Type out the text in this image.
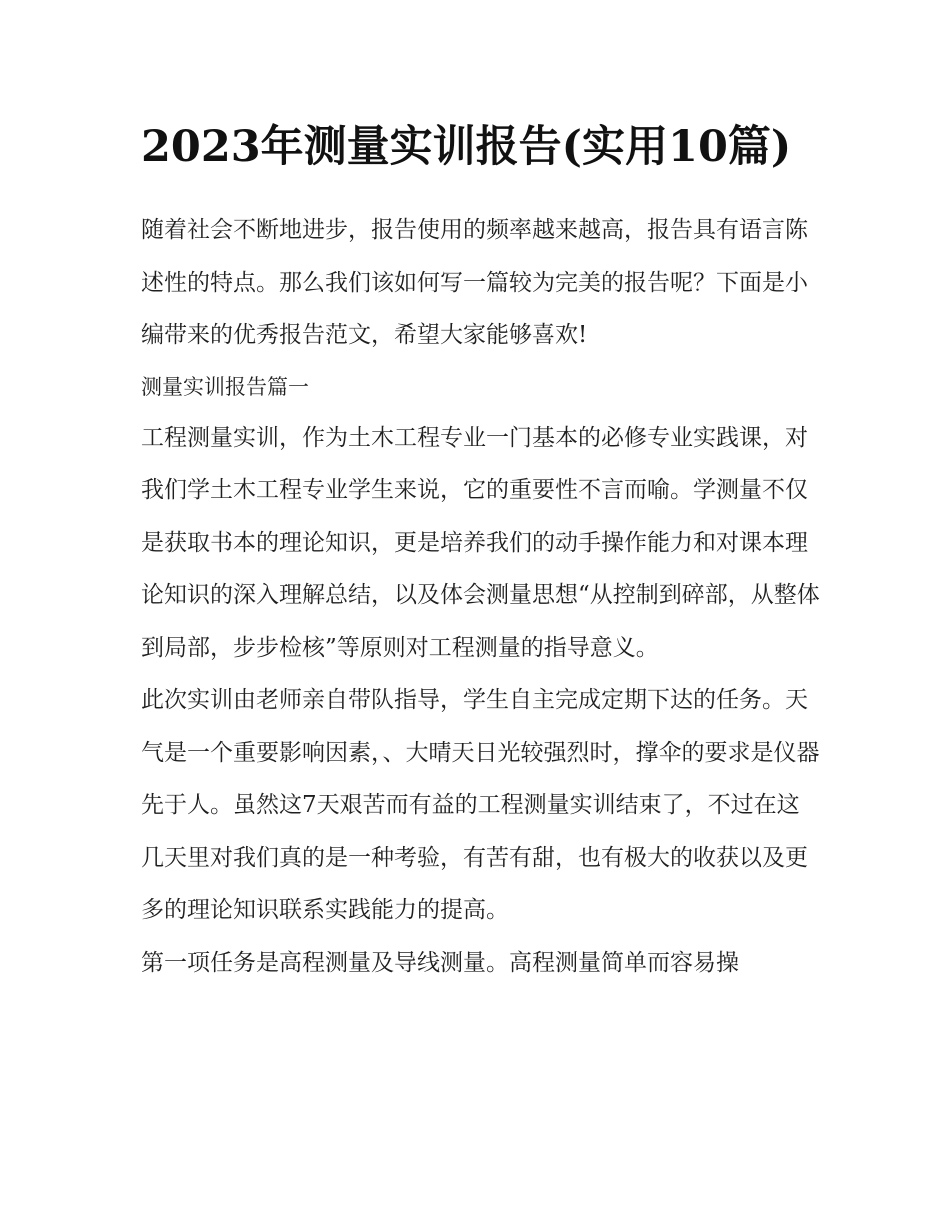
2023年测量实训报告(实用10篇)

随着社会不断地进步，报告使用的频率越来越高，报告具有语言陈述性的特点。那么我们该如何写一篇较为完美的报告呢？下面是小编带来的优秀报告范文，希望大家能够喜欢!

测量实训报告篇一

工程测量实训，作为土木工程专业一门基本的必修专业实践课，对我们学土木工程专业学生来说，它的重要性不言而喻。学测量不仅是获取书本的理论知识，更是培养我们的动手操作能力和对课本理论知识的深入理解总结，以及体会测量思想“从控制到碎部，从整体到局部，步步检核”等原则对工程测量的指导意义。

此次实训由老师亲自带队指导，学生自主完成定期下达的任务。天气是一个重要影响因素，、大晴天日光较强烈时，撑伞的要求是仪器先于人。虽然这7天艰苦而有益的工程测量实训结束了，不过在这几天里对我们真的是一种考验，有苦有甜，也有极大的收获以及更多的理论知识联系实践能力的提高。

第一项任务是高程测量及导线测量。高程测量简单而容易操
